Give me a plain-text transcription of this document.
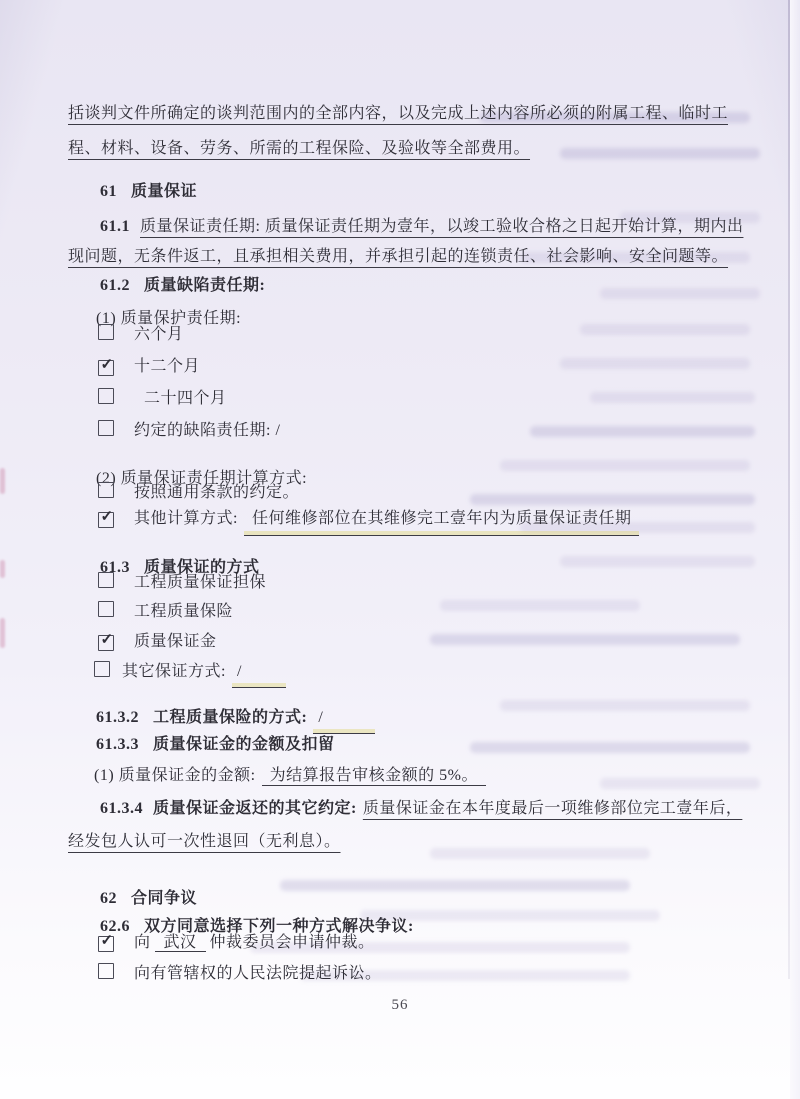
括谈判文件所确定的谈判范围内的全部内容，以及完成上述内容所必须的附属工程、临时工程、材料、设备、劳务、所需的工程保险、及验收等全部费用。

61 质量保证

61.1 质量保证责任期: 质量保证责任期为壹年，以竣工验收合格之日起开始计算，期内出现问题，无条件返工，且承担相关费用，并承担引起的连锁责任、社会影响、安全问题等。

61.2 质量缺陷责任期:

(1) 质量保护责任期:

六个月
✓ 十二个月
二十四个月
约定的缺陷责任期: /

(2) 质量保证责任期计算方式:

按照通用条款的约定。
✓ 其他计算方式: 任何维修部位在其维修完工壹年内为质量保证责任期

61.3 质量保证的方式

工程质量保证担保
工程质量保险
✓ 质量保证金
其它保证方式: /

61.3.2 工程质量保险的方式: /

61.3.3 质量保证金的金额及扣留

(1) 质量保证金的金额: 为结算报告审核金额的 5%。

61.3.4 质量保证金返还的其它约定: 质量保证金在本年度最后一项维修部位完工壹年后，经发包人认可一次性退回（无利息）。

62 合同争议

62.6 双方同意选择下列一种方式解决争议:

✓ 向 武汉 仲裁委员会申请仲裁。
向有管辖权的人民法院提起诉讼。
56
